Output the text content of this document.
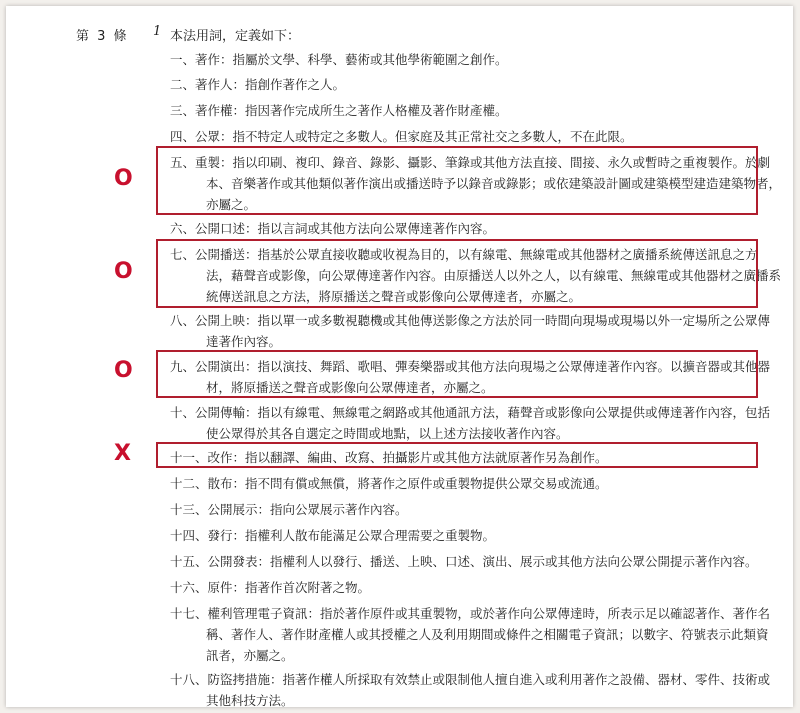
第 3 條 1 本法用詞，定義如下：
一、著作：指屬於文學、科學、藝術或其他學術範圍之創作。
二、著作人：指創作著作之人。
三、著作權：指因著作完成所生之著作人格權及著作財產權。
四、公眾：指不特定人或特定之多數人。但家庭及其正常社交之多數人，不在此限。
五、重製：指以印刷、複印、錄音、錄影、攝影、筆錄或其他方法直接、間接、永久或暫時之重複製作。於劇
本、音樂著作或其他類似著作演出或播送時予以錄音或錄影；或依建築設計圖或建築模型建造建築物者，
亦屬之。
六、公開口述：指以言詞或其他方法向公眾傳達著作內容。
七、公開播送：指基於公眾直接收聽或收視為目的，以有線電、無線電或其他器材之廣播系統傳送訊息之方
法，藉聲音或影像，向公眾傳達著作內容。由原播送人以外之人，以有線電、無線電或其他器材之廣播系
統傳送訊息之方法，將原播送之聲音或影像向公眾傳達者，亦屬之。
八、公開上映：指以單一或多數視聽機或其他傳送影像之方法於同一時間向現場或現場以外一定場所之公眾傳
達著作內容。
九、公開演出：指以演技、舞蹈、歌唱、彈奏樂器或其他方法向現場之公眾傳達著作內容。以擴音器或其他器
材，將原播送之聲音或影像向公眾傳達者，亦屬之。
十、公開傳輸：指以有線電、無線電之網路或其他通訊方法，藉聲音或影像向公眾提供或傳達著作內容，包括
使公眾得於其各自選定之時間或地點，以上述方法接收著作內容。
十一、改作：指以翻譯、編曲、改寫、拍攝影片或其他方法就原著作另為創作。
十二、散布：指不問有償或無償，將著作之原件或重製物提供公眾交易或流通。
十三、公開展示：指向公眾展示著作內容。
十四、發行：指權利人散布能滿足公眾合理需要之重製物。
十五、公開發表：指權利人以發行、播送、上映、口述、演出、展示或其他方法向公眾公開提示著作內容。
十六、原件：指著作首次附著之物。
十七、權利管理電子資訊：指於著作原件或其重製物，或於著作向公眾傳達時，所表示足以確認著作、著作名
稱、著作人、著作財產權人或其授權之人及利用期間或條件之相關電子資訊；以數字、符號表示此類資
訊者，亦屬之。
十八、防盜拷措施：指著作權人所採取有效禁止或限制他人擅自進入或利用著作之設備、器材、零件、技術或
其他科技方法。
O
O
O
X
